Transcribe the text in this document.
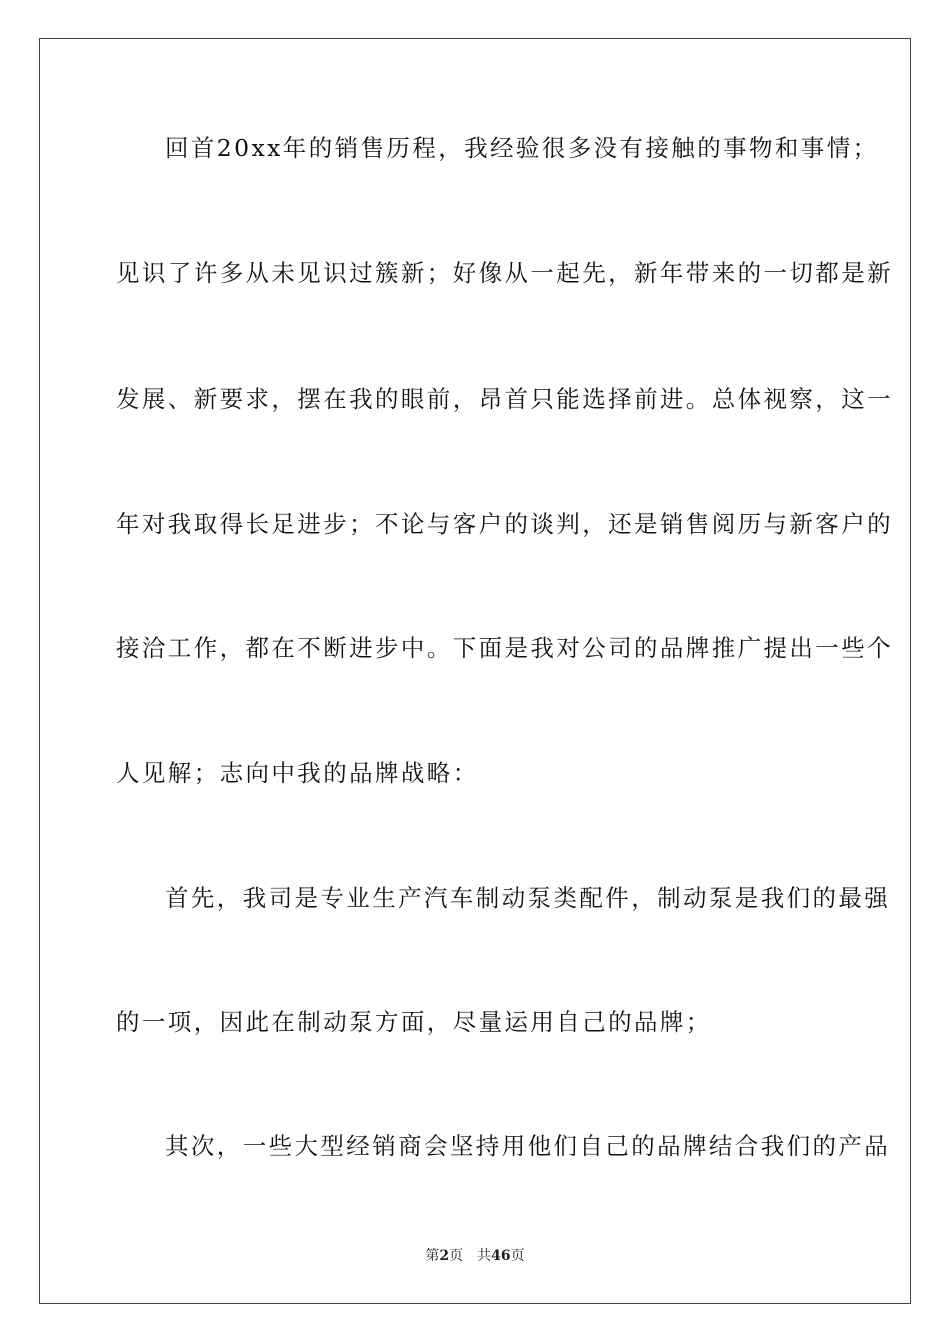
回首20xx年的销售历程，我经验很多没有接触的事物和事情；
见识了许多从未见识过簇新；好像从一起先，新年带来的一切都是新
发展、新要求，摆在我的眼前，昂首只能选择前进。总体视察，这一
年对我取得长足进步；不论与客户的谈判，还是销售阅历与新客户的
接洽工作，都在不断进步中。下面是我对公司的品牌推广提出一些个
人见解；志向中我的品牌战略：
首先，我司是专业生产汽车制动泵类配件，制动泵是我们的最强
的一项，因此在制动泵方面，尽量运用自己的品牌；
其次，一些大型经销商会坚持用他们自己的品牌结合我们的产品
第2页 共46页
